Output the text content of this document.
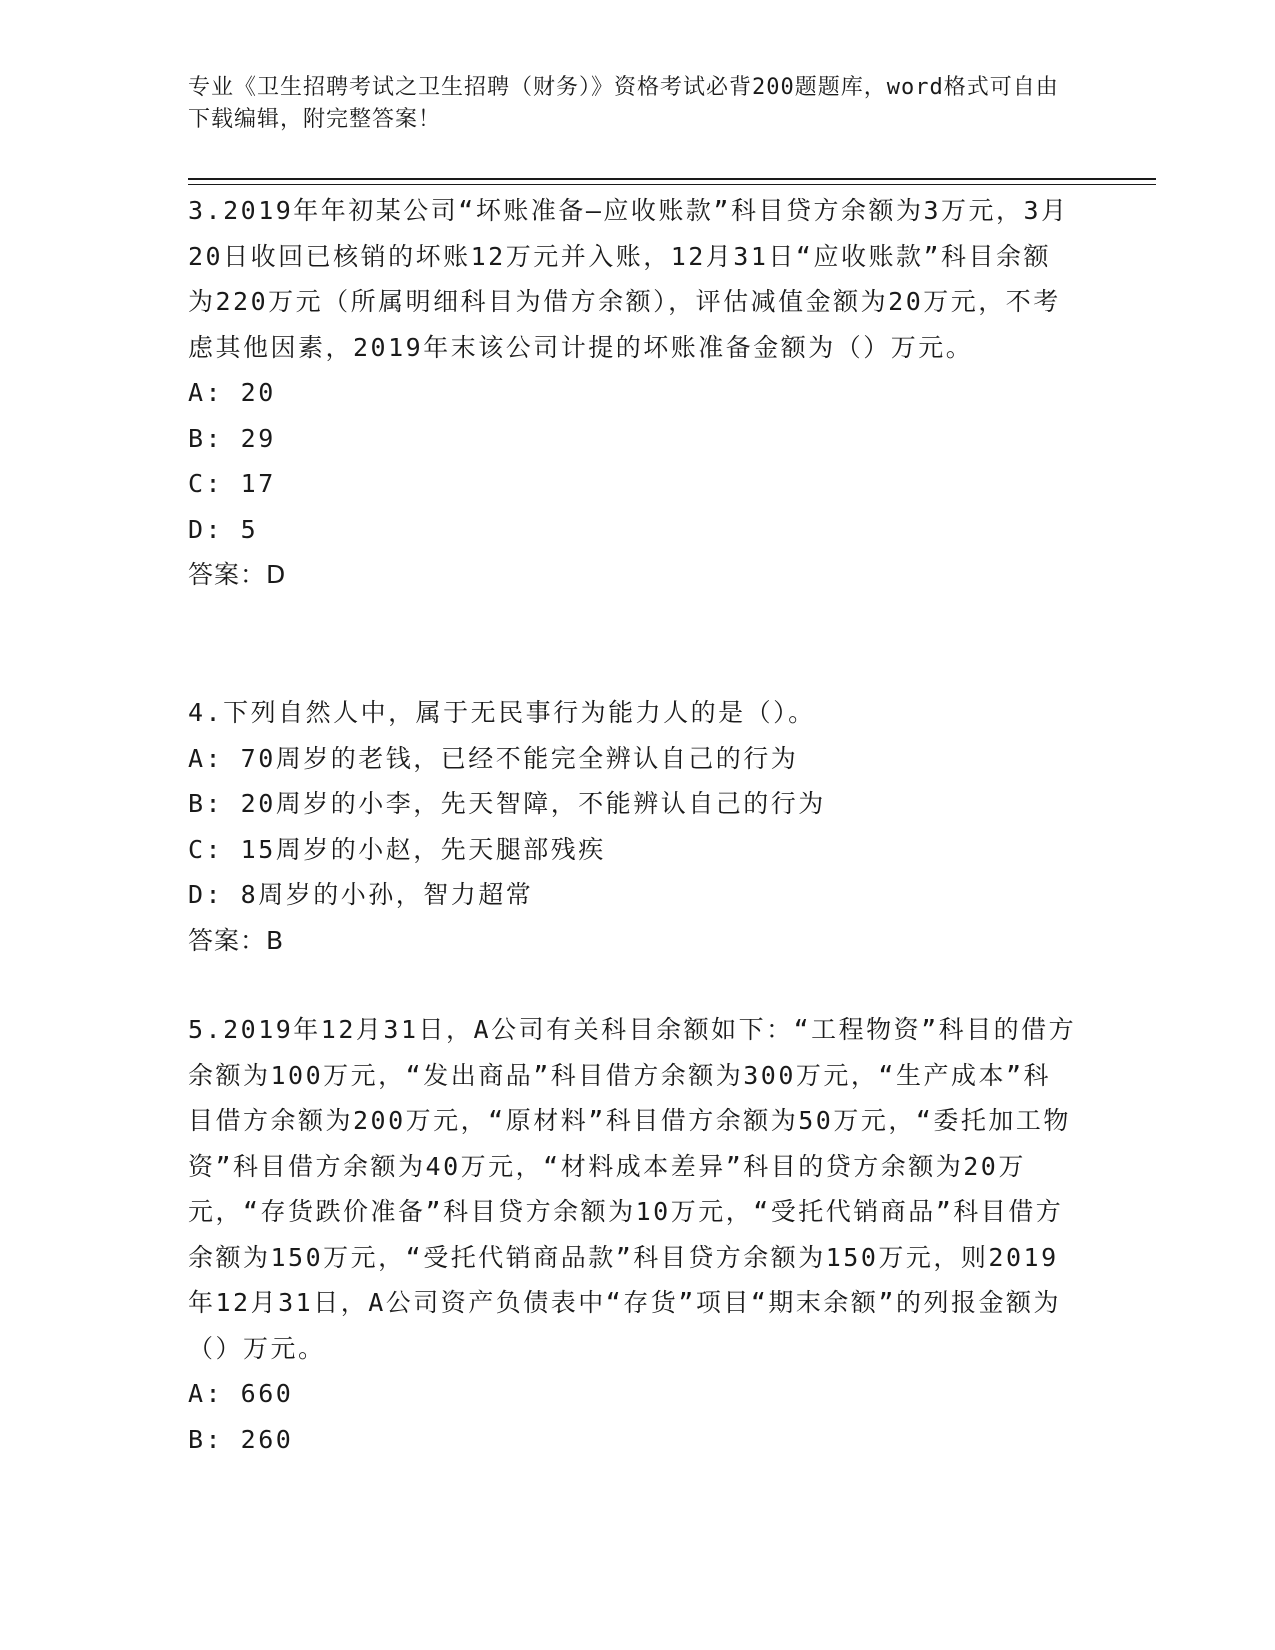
专业《卫生招聘考试之卫生招聘（财务）》资格考试必背200题题库，word格式可自由下载编辑，附完整答案！
3.2019年年初某公司“坏账准备—应收账款”科目贷方余额为3万元，3月20日收回已核销的坏账12万元并入账，12月31日“应收账款”科目余额为220万元（所属明细科目为借方余额），评估减值金额为20万元，不考虑其他因素，2019年末该公司计提的坏账准备金额为（）万元。
A: 20
B: 29
C: 17
D: 5
答案：D
4.下列自然人中，属于无民事行为能力人的是（）。
A: 70周岁的老钱，已经不能完全辨认自己的行为
B: 20周岁的小李，先天智障，不能辨认自己的行为
C: 15周岁的小赵，先天腿部残疾
D: 8周岁的小孙，智力超常
答案：B
5.2019年12月31日，A公司有关科目余额如下：“工程物资”科目的借方余额为100万元，“发出商品”科目借方余额为300万元，“生产成本”科目借方余额为200万元，“原材料”科目借方余额为50万元，“委托加工物资”科目借方余额为40万元，“材料成本差异”科目的贷方余额为20万元，“存货跌价准备”科目贷方余额为10万元，“受托代销商品”科目借方余额为150万元，“受托代销商品款”科目贷方余额为150万元，则2019年12月31日，A公司资产负债表中“存货”项目“期末余额”的列报金额为（）万元。
A: 660
B: 260
